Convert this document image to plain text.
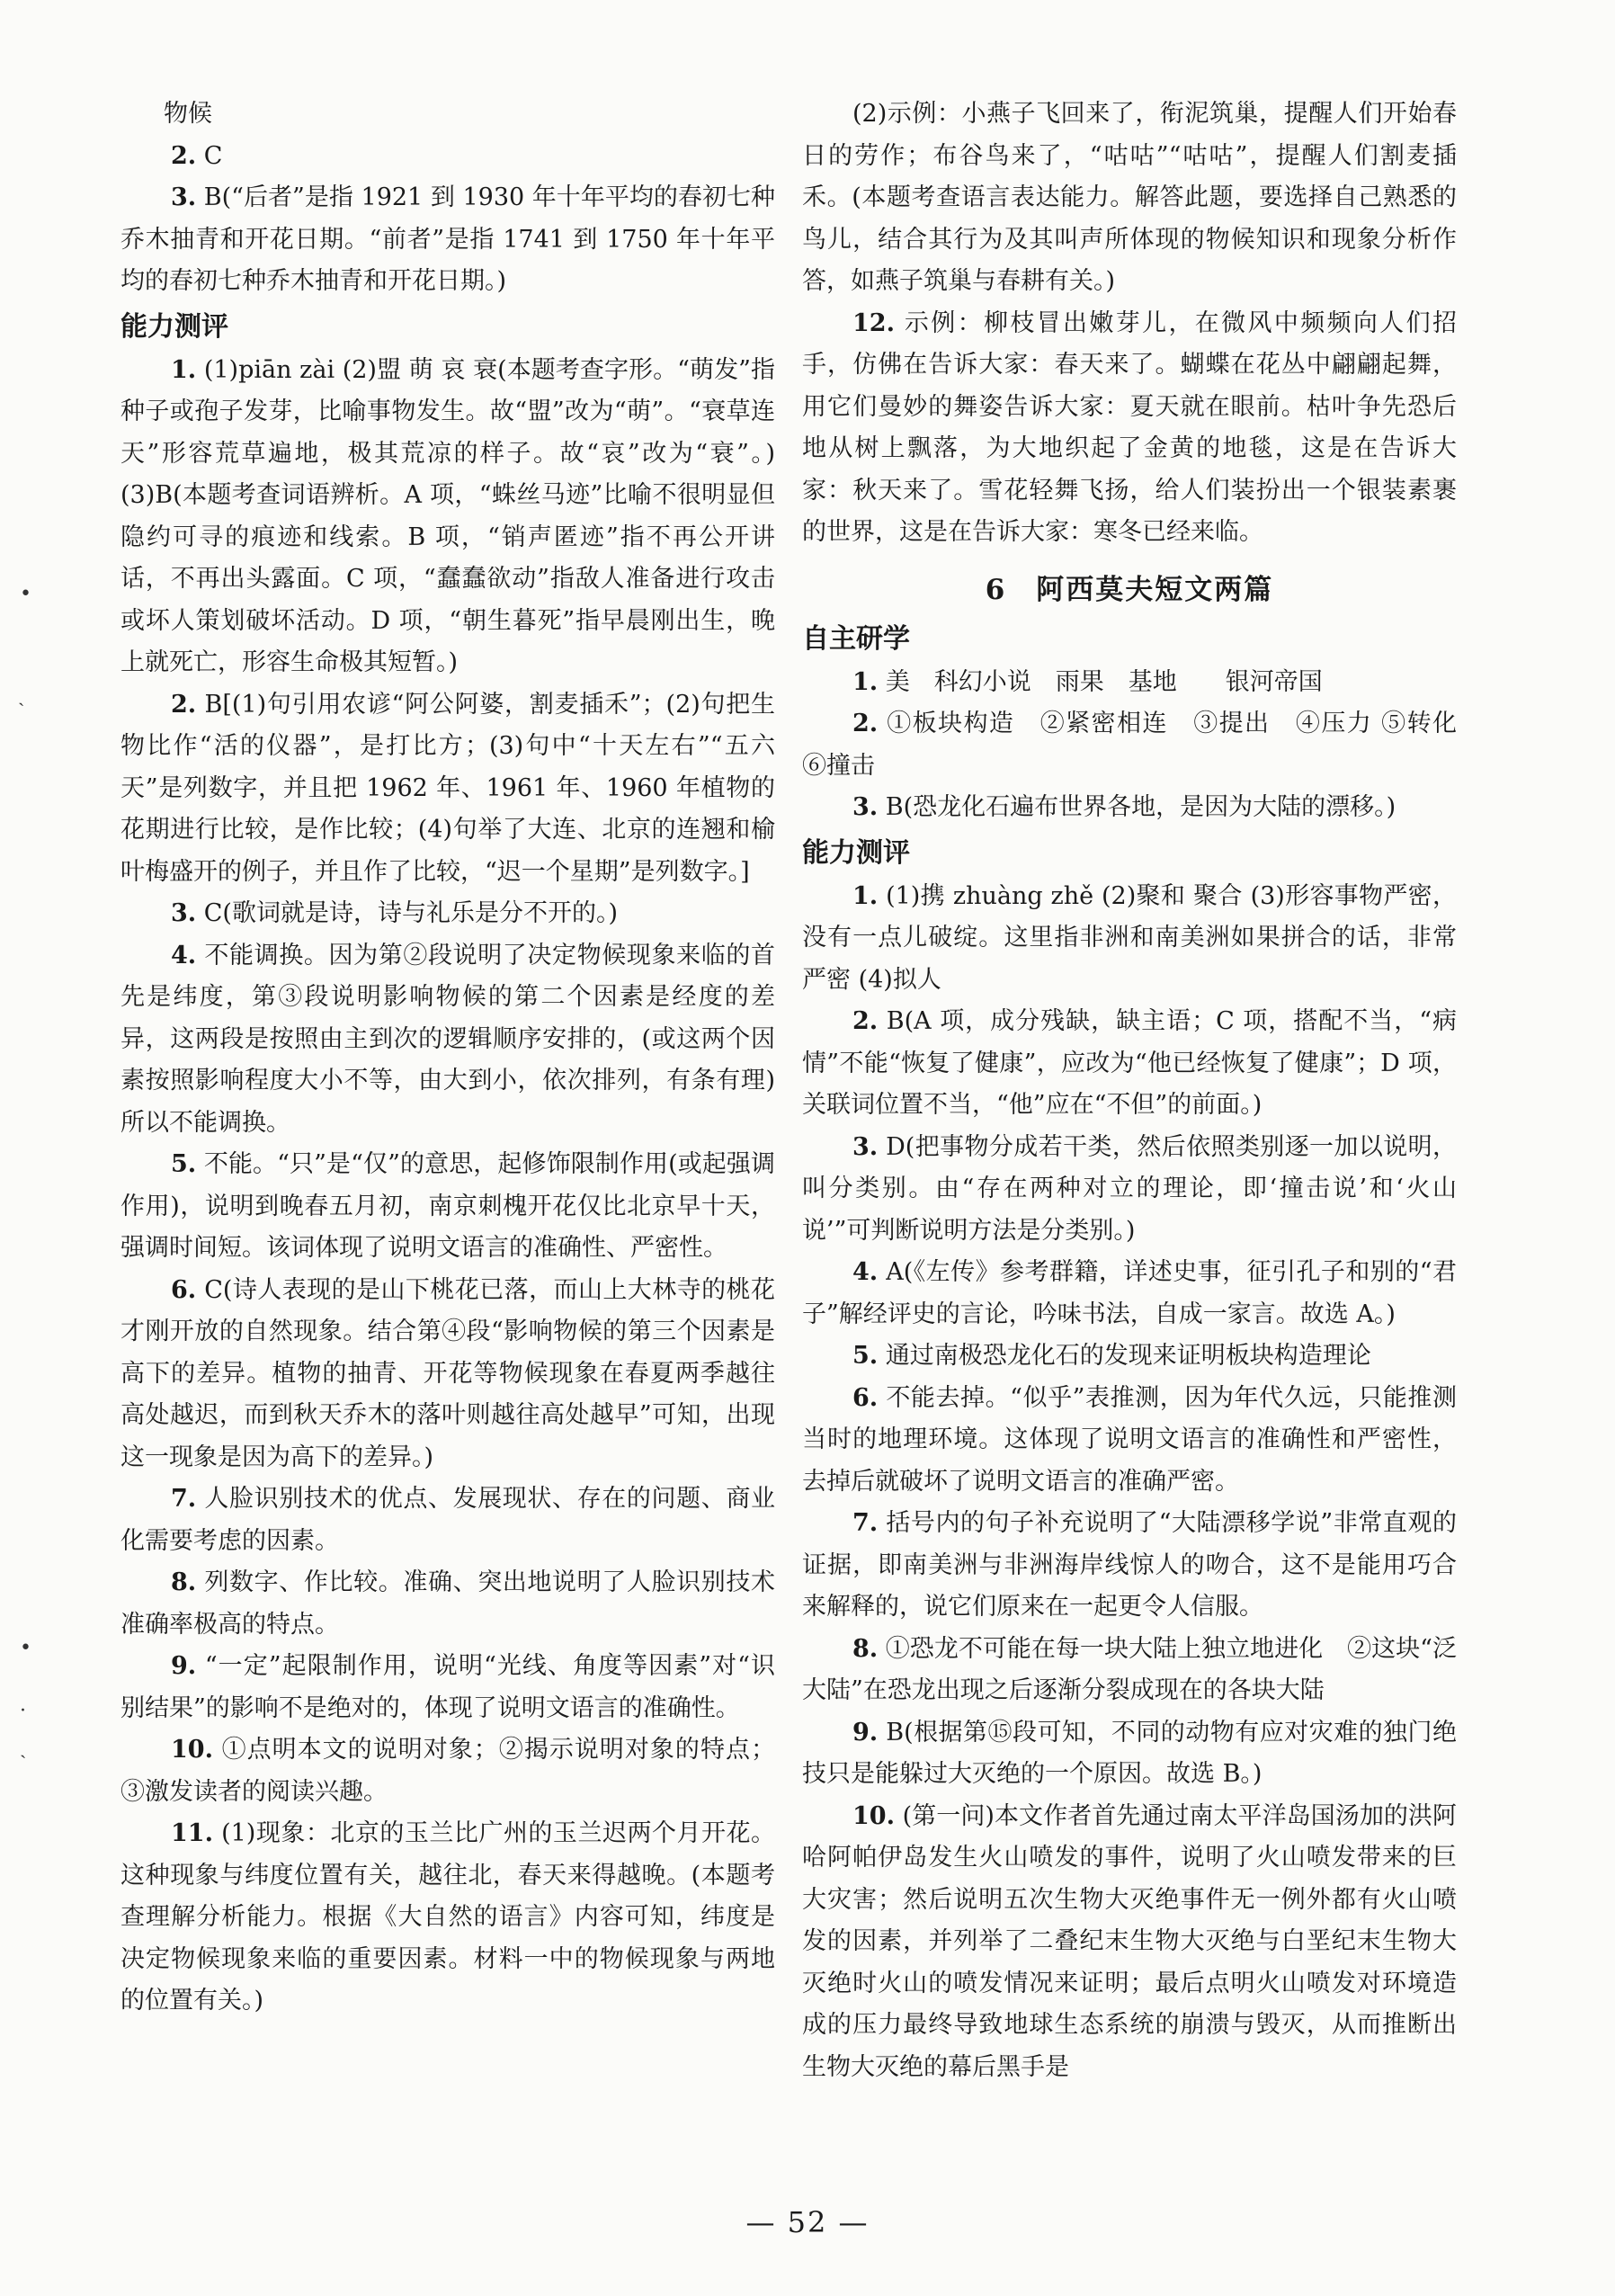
物候

2. C

3. B(“后者”是指 1921 到 1930 年十年平均的春初七种乔木抽青和开花日期。“前者”是指 1741 到 1750 年十年平均的春初七种乔木抽青和开花日期。)

能力测评

1. (1)piān zài (2)盟 萌 哀 衰(本题考查字形。“萌发”指种子或孢子发芽，比喻事物发生。故“盟”改为“萌”。“衰草连天”形容荒草遍地，极其荒凉的样子。故“哀”改为“衰”。) (3)B(本题考查词语辨析。A 项，“蛛丝马迹”比喻不很明显但隐约可寻的痕迹和线索。B 项，“销声匿迹”指不再公开讲话，不再出头露面。C 项，“蠢蠢欲动”指敌人准备进行攻击或坏人策划破坏活动。D 项，“朝生暮死”指早晨刚出生，晚上就死亡，形容生命极其短暂。)

2. B[(1)句引用农谚“阿公阿婆，割麦插禾”；(2)句把生物比作“活的仪器”，是打比方；(3)句中“十天左右”“五六天”是列数字，并且把 1962 年、1961 年、1960 年植物的花期进行比较，是作比较；(4)句举了大连、北京的连翘和榆叶梅盛开的例子，并且作了比较，“迟一个星期”是列数字。]

3. C(歌词就是诗，诗与礼乐是分不开的。)

4. 不能调换。因为第②段说明了决定物候现象来临的首先是纬度，第③段说明影响物候的第二个因素是经度的差异，这两段是按照由主到次的逻辑顺序安排的，(或这两个因素按照影响程度大小不等，由大到小，依次排列，有条有理)所以不能调换。

5. 不能。“只”是“仅”的意思，起修饰限制作用(或起强调作用)，说明到晚春五月初，南京刺槐开花仅比北京早十天，强调时间短。该词体现了说明文语言的准确性、严密性。

6. C(诗人表现的是山下桃花已落，而山上大林寺的桃花才刚开放的自然现象。结合第④段“影响物候的第三个因素是高下的差异。植物的抽青、开花等物候现象在春夏两季越往高处越迟，而到秋天乔木的落叶则越往高处越早”可知，出现这一现象是因为高下的差异。)

7. 人脸识别技术的优点、发展现状、存在的问题、商业化需要考虑的因素。

8. 列数字、作比较。准确、突出地说明了人脸识别技术准确率极高的特点。

9. “一定”起限制作用，说明“光线、角度等因素”对“识别结果”的影响不是绝对的，体现了说明文语言的准确性。

10. ①点明本文的说明对象；②揭示说明对象的特点；③激发读者的阅读兴趣。

11. (1)现象：北京的玉兰比广州的玉兰迟两个月开花。这种现象与纬度位置有关，越往北，春天来得越晚。(本题考查理解分析能力。根据《大自然的语言》内容可知，纬度是决定物候现象来临的重要因素。材料一中的物候现象与两地的位置有关。)

(2)示例：小燕子飞回来了，衔泥筑巢，提醒人们开始春日的劳作；布谷鸟来了，“咕咕”“咕咕”，提醒人们割麦插禾。(本题考查语言表达能力。解答此题，要选择自己熟悉的鸟儿，结合其行为及其叫声所体现的物候知识和现象分析作答，如燕子筑巢与春耕有关。)

12. 示例：柳枝冒出嫩芽儿，在微风中频频向人们招手，仿佛在告诉大家：春天来了。蝴蝶在花丛中翩翩起舞，用它们曼妙的舞姿告诉大家：夏天就在眼前。枯叶争先恐后地从树上飘落，为大地织起了金黄的地毯，这是在告诉大家：秋天来了。雪花轻舞飞扬，给人们装扮出一个银装素裹的世界，这是在告诉大家：寒冬已经来临。

6　阿西莫夫短文两篇
自主研学

1. 美　科幻小说　雨果　基地　　银河帝国

2. ①板块构造　②紧密相连　③提出　④压力 ⑤转化　⑥撞击

3. B(恐龙化石遍布世界各地，是因为大陆的漂移。)

能力测评

1. (1)携 zhuàng zhě (2)聚和 聚合 (3)形容事物严密，没有一点儿破绽。这里指非洲和南美洲如果拼合的话，非常严密 (4)拟人

2. B(A 项，成分残缺，缺主语；C 项，搭配不当，“病情”不能“恢复了健康”，应改为“他已经恢复了健康”；D 项，关联词位置不当，“他”应在“不但”的前面。)

3. D(把事物分成若干类，然后依照类别逐一加以说明，叫分类别。由“存在两种对立的理论，即‘撞击说’和‘火山说’”可判断说明方法是分类别。)

4. A(《左传》参考群籍，详述史事，征引孔子和别的“君子”解经评史的言论，吟味书法，自成一家言。故选 A。)

5. 通过南极恐龙化石的发现来证明板块构造理论

6. 不能去掉。“似乎”表推测，因为年代久远，只能推测当时的地理环境。这体现了说明文语言的准确性和严密性，去掉后就破坏了说明文语言的准确严密。

7. 括号内的句子补充说明了“大陆漂移学说”非常直观的证据，即南美洲与非洲海岸线惊人的吻合，这不是能用巧合来解释的，说它们原来在一起更令人信服。

8. ①恐龙不可能在每一块大陆上独立地进化　②这块“泛大陆”在恐龙出现之后逐渐分裂成现在的各块大陆

9. B(根据第⑮段可知，不同的动物有应对灾难的独门绝技只是能躲过大灭绝的一个原因。故选 B。)

10. (第一问)本文作者首先通过南太平洋岛国汤加的洪阿哈阿帕伊岛发生火山喷发的事件，说明了火山喷发带来的巨大灾害；然后说明五次生物大灭绝事件无一例外都有火山喷发的因素，并列举了二叠纪末生物大灭绝与白垩纪末生物大灭绝时火山的喷发情况来证明；最后点明火山喷发对环境造成的压力最终导致地球生态系统的崩溃与毁灭，从而推断出生物大灭绝的幕后黑手是

•
ˏ
•
·
ˏ
— 52 —
